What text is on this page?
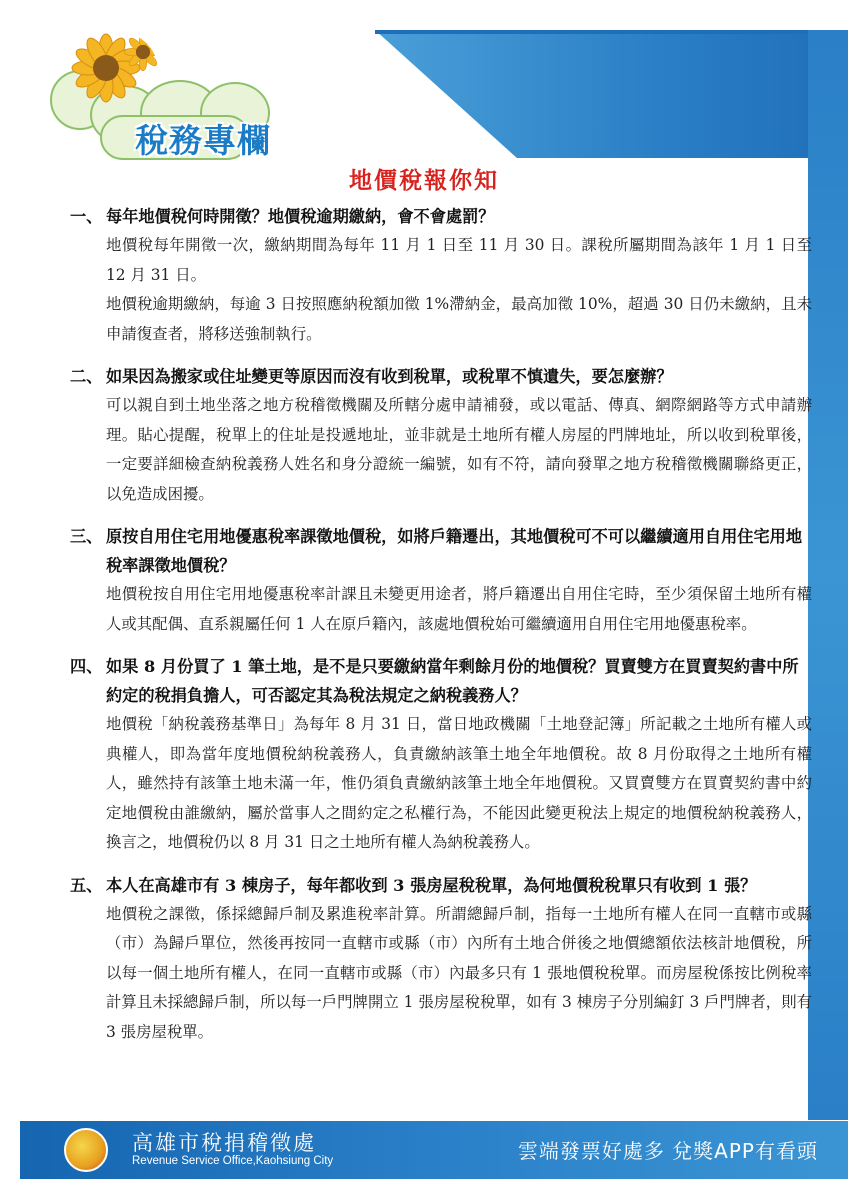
稅務專欄
地價稅報你知
一、 每年地價稅何時開徵？地價稅逾期繳納，會不會處罰？
地價稅每年開徵一次，繳納期間為每年 11 月 1 日至 11 月 30 日。課稅所屬期間為該年 1 月 1 日至 12 月 31 日。
地價稅逾期繳納，每逾 3 日按照應納稅額加徵 1%滯納金，最高加徵 10%，超過 30 日仍未繳納，且未申請復查者，將移送強制執行。
二、 如果因為搬家或住址變更等原因而沒有收到稅單，或稅單不慎遺失，要怎麼辦？
可以親自到土地坐落之地方稅稽徵機關及所轄分處申請補發，或以電話、傳真、網際網路等方式申請辦理。貼心提醒，稅單上的住址是投遞地址，並非就是土地所有權人房屋的門牌地址，所以收到稅單後，一定要詳細檢查納稅義務人姓名和身分證統一編號，如有不符，請向發單之地方稅稽徵機關聯絡更正，以免造成困擾。
三、 原按自用住宅用地優惠稅率課徵地價稅，如將戶籍遷出，其地價稅可不可以繼續適用自用住宅用地稅率課徵地價稅？
地價稅按自用住宅用地優惠稅率計課且未變更用途者，將戶籍遷出自用住宅時，至少須保留土地所有權人或其配偶、直系親屬任何 1 人在原戶籍內，該處地價稅始可繼續適用自用住宅用地優惠稅率。
四、 如果 8 月份買了 1 筆土地，是不是只要繳納當年剩餘月份的地價稅？買賣雙方在買賣契約書中所約定的稅捐負擔人，可否認定其為稅法規定之納稅義務人？
地價稅「納稅義務基準日」為每年 8 月 31 日，當日地政機關「土地登記簿」所記載之土地所有權人或典權人，即為當年度地價稅納稅義務人，負責繳納該筆土地全年地價稅。故 8 月份取得之土地所有權人，雖然持有該筆土地未滿一年，惟仍須負責繳納該筆土地全年地價稅。又買賣雙方在買賣契約書中約定地價稅由誰繳納，屬於當事人之間約定之私權行為，不能因此變更稅法上規定的地價稅納稅義務人，換言之，地價稅仍以 8 月 31 日之土地所有權人為納稅義務人。
五、 本人在高雄市有 3 棟房子，每年都收到 3 張房屋稅稅單，為何地價稅稅單只有收到 1 張？
地價稅之課徵，係採總歸戶制及累進稅率計算。所謂總歸戶制，指每一土地所有權人在同一直轄市或縣（市）為歸戶單位，然後再按同一直轄市或縣（市）內所有土地合併後之地價總額依法核計地價稅，所以每一個土地所有權人，在同一直轄市或縣（市）內最多只有 1 張地價稅稅單。而房屋稅係按比例稅率計算且未採總歸戶制，所以每一戶門牌開立 1 張房屋稅稅單，如有 3 棟房子分別編釘 3 戶門牌者，則有 3 張房屋稅單。
高雄市稅捐稽徵處
Revenue Service Office,Kaohsiung City	雲端發票好處多 兌獎APP有看頭
